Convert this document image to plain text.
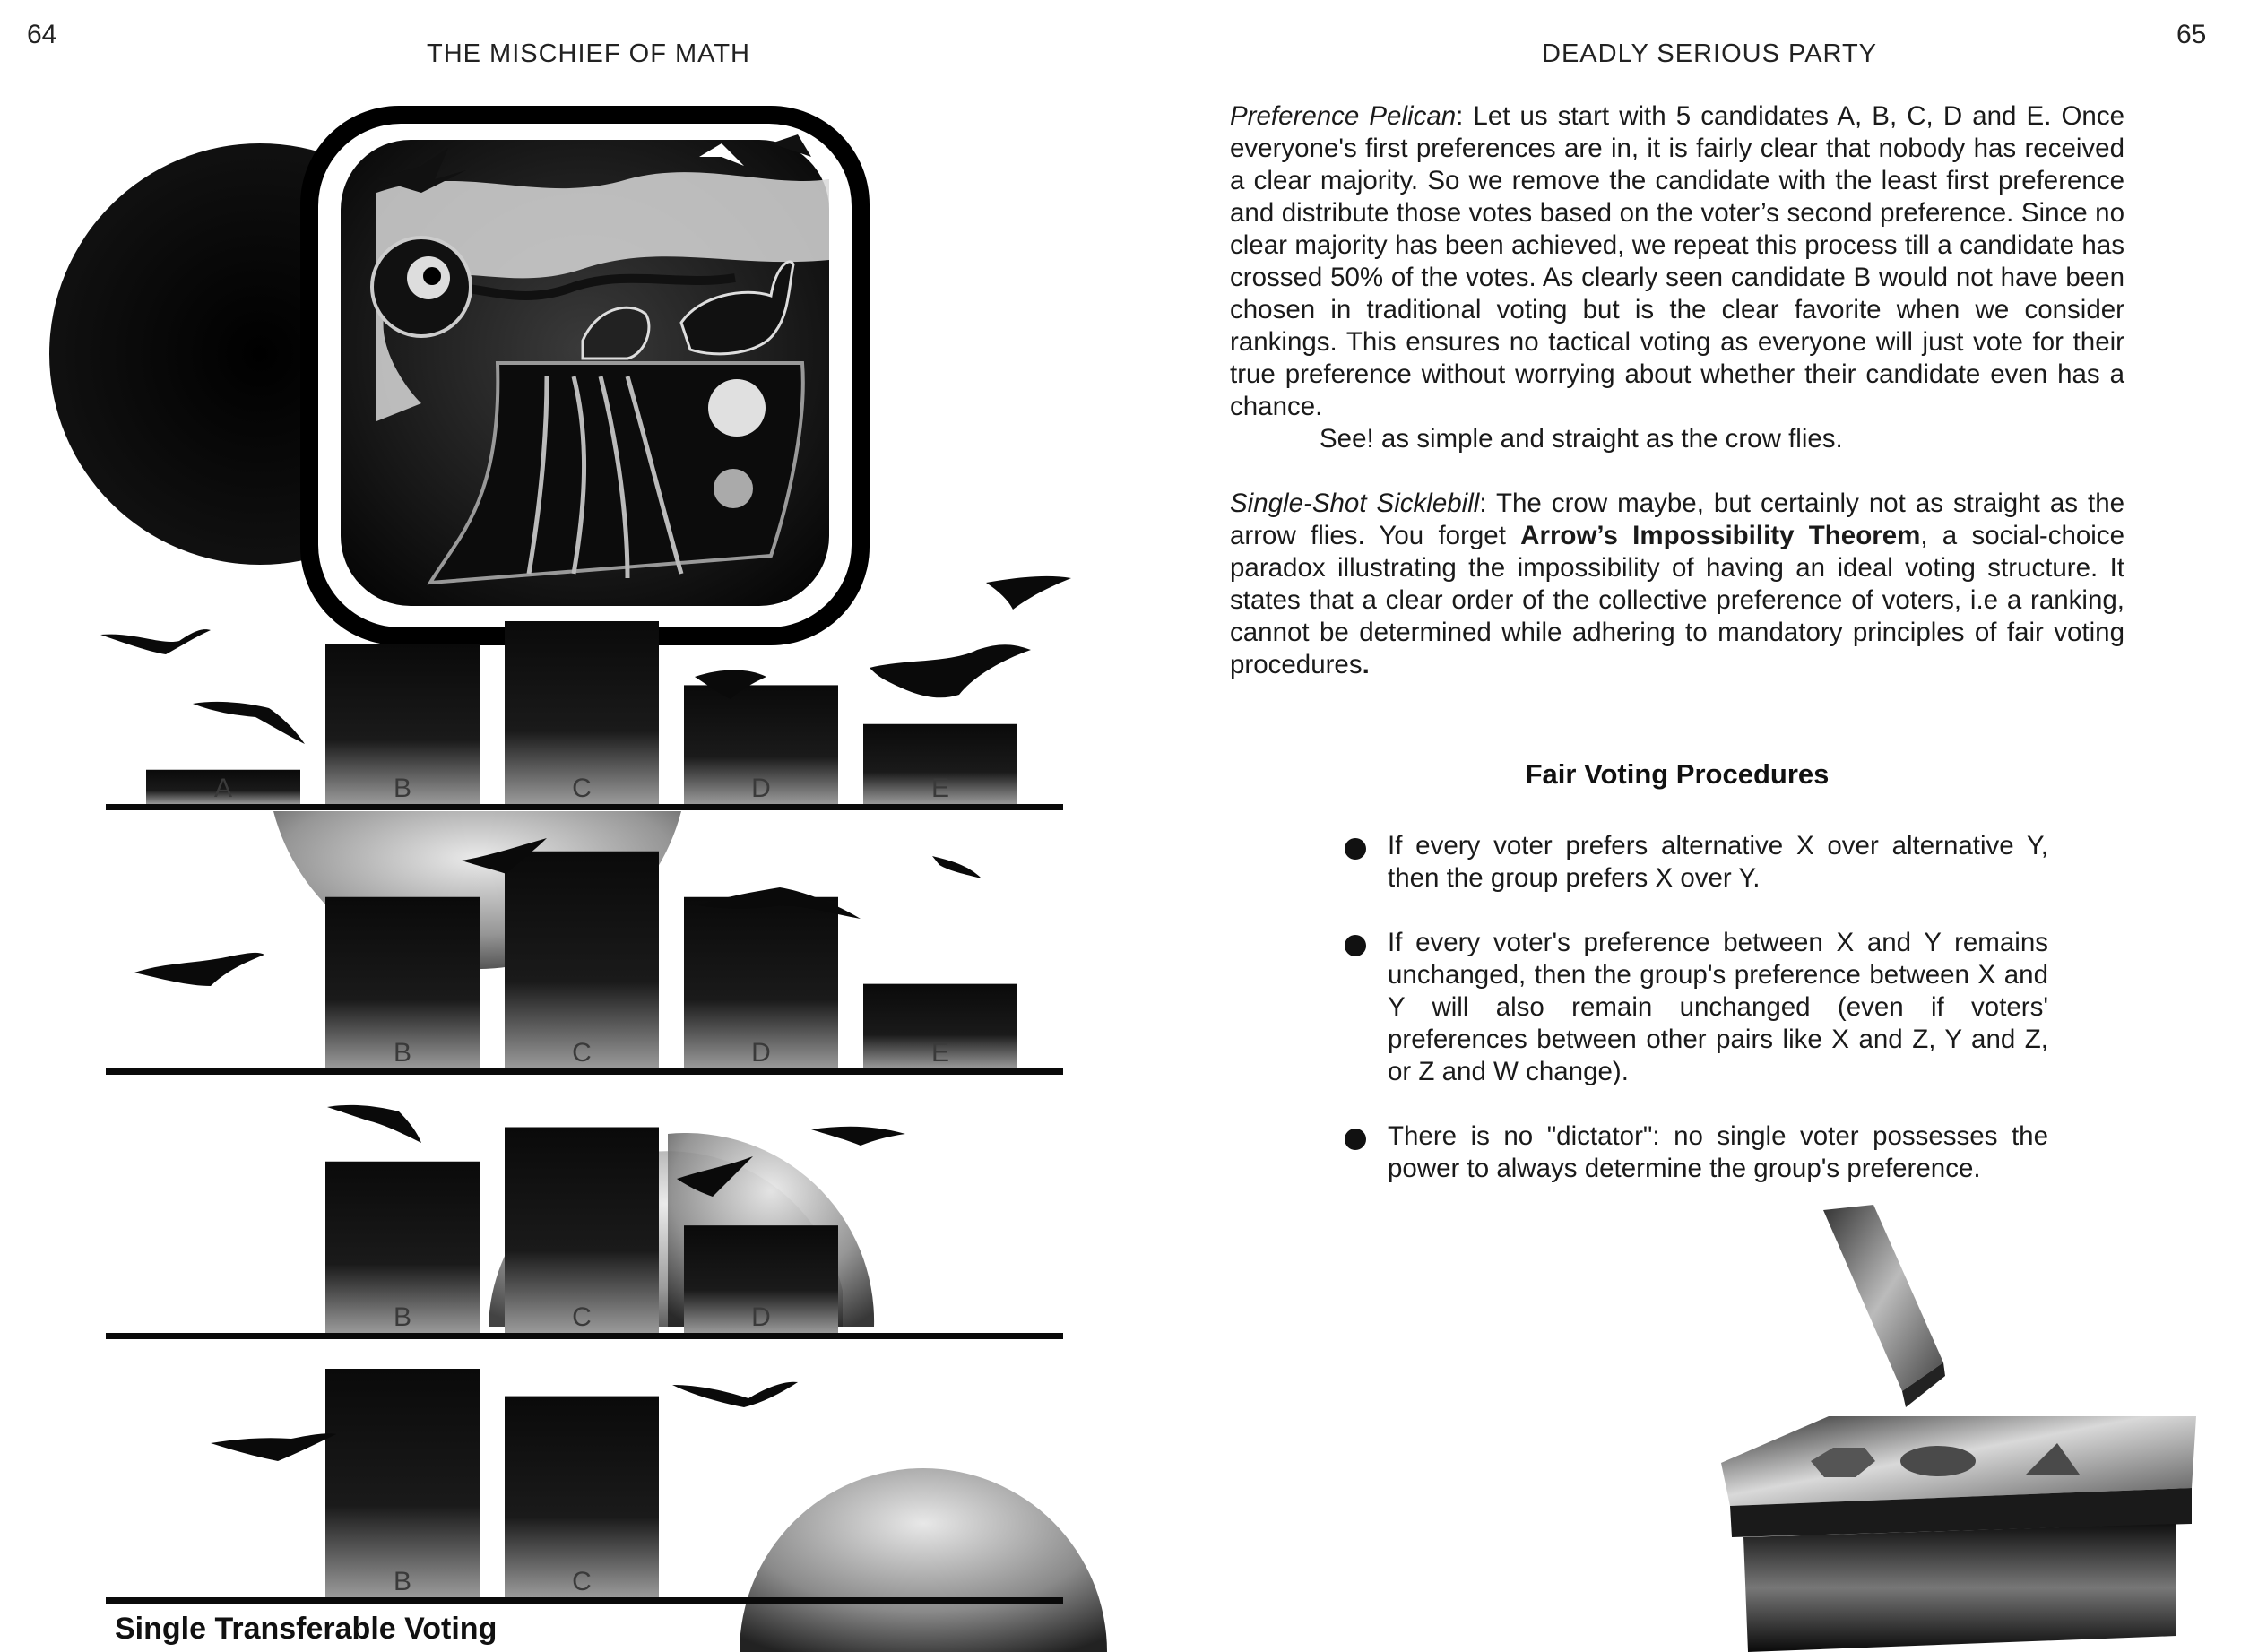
64
THE MISCHIEF OF MATH
A	B	C	D	E
B	C	D	E
B	C	D
B	C
Single Transferable Voting
65
DEADLY SERIOUS PARTY

Preference Pelican: Let us start with 5 candidates A, B, C, D and E. Once everyone's first preferences are in, it is fairly clear that nobody has received a clear majority. So we remove the candidate with the least first preference and distribute those votes based on the voter’s second preference. Since no clear majority has been achieved, we repeat this process till a candidate has crossed 50% of the votes. As clearly seen candidate B would not have been chosen in traditional voting but is the clear favorite when we consider rankings. This ensures no tactical voting as everyone will just vote for their true preference without worrying about whether their candidate even has a chance.

See! as simple and straight as the crow flies.

Single-Shot Sicklebill: The crow maybe, but certainly not as straight as the arrow flies. You forget Arrow’s Impossibility Theorem, a social-choice paradox illustrating the impossibility of having an ideal voting structure. It states that a clear order of the collective preference of voters, i.e a ranking, cannot be determined while adhering to mandatory principles of fair voting procedures.

Fair Voting Procedures
If every voter prefers alternative X over alternative Y, then the group prefers X over Y.
If every voter's preference between X and Y remains unchanged, then the group's preference between X and Y will also remain unchanged (even if voters' preferences between other pairs like X and Z, Y and Z, or Z and W change).
There is no "dictator": no single voter possesses the power to always determine the group's preference.
